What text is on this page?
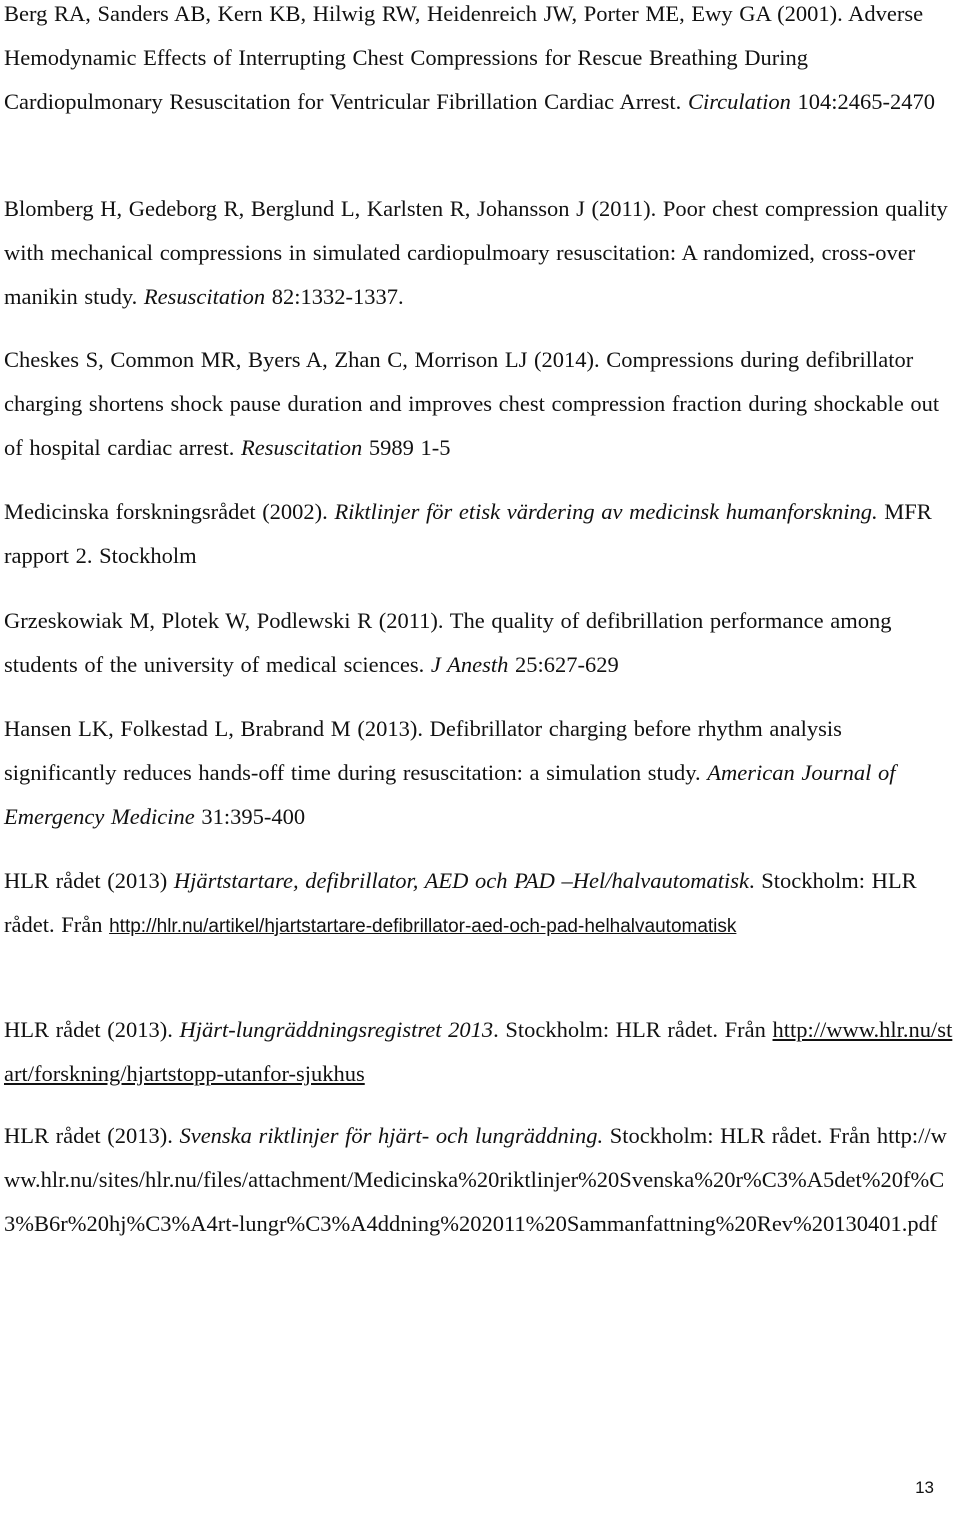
Berg RA, Sanders AB, Kern KB, Hilwig RW, Heidenreich JW, Porter ME, Ewy GA (2001). Adverse Hemodynamic Effects of Interrupting Chest Compressions for Rescue Breathing During Cardiopulmonary Resuscitation for Ventricular Fibrillation Cardiac Arrest. Circulation 104:2465-2470
Blomberg H, Gedeborg R, Berglund L, Karlsten R, Johansson J (2011). Poor chest compression quality with mechanical compressions in simulated cardiopulmoary resuscitation: A randomized, cross-over manikin study. Resuscitation 82:1332-1337.
Cheskes S, Common MR, Byers A, Zhan C, Morrison LJ (2014). Compressions during defibrillator charging shortens shock pause duration and improves chest compression fraction during shockable out of hospital cardiac arrest. Resuscitation 5989 1-5
Medicinska forskningsrådet (2002). Riktlinjer för etisk värdering av medicinsk humanforskning. MFR rapport 2. Stockholm
Grzeskowiak M, Plotek W, Podlewski R (2011). The quality of defibrillation performance among students of the university of medical sciences. J Anesth 25:627-629
Hansen LK, Folkestad L, Brabrand M (2013). Defibrillator charging before rhythm analysis significantly reduces hands-off time during resuscitation: a simulation study. American Journal of Emergency Medicine 31:395-400
HLR rådet (2013) Hjärtstartare, defibrillator, AED och PAD –Hel/halvautomatisk. Stockholm: HLR rådet. Från http://hlr.nu/artikel/hjartstartare-defibrillator-aed-och-pad-helhalvautomatisk
HLR rådet (2013). Hjärt-lungräddningsregistret 2013. Stockholm: HLR rådet. Från http://www.hlr.nu/start/forskning/hjartstopp-utanfor-sjukhus
HLR rådet (2013). Svenska riktlinjer för hjärt- och lungräddning. Stockholm: HLR rådet. Från http://www.hlr.nu/sites/hlr.nu/files/attachment/Medicinska%20riktlinjer%20Svenska%20r%C3%A5det%20f%C3%B6r%20hj%C3%A4rt-lungr%C3%A4ddning%202011%20Sammanfattning%20Rev%20130401.pdf
13
